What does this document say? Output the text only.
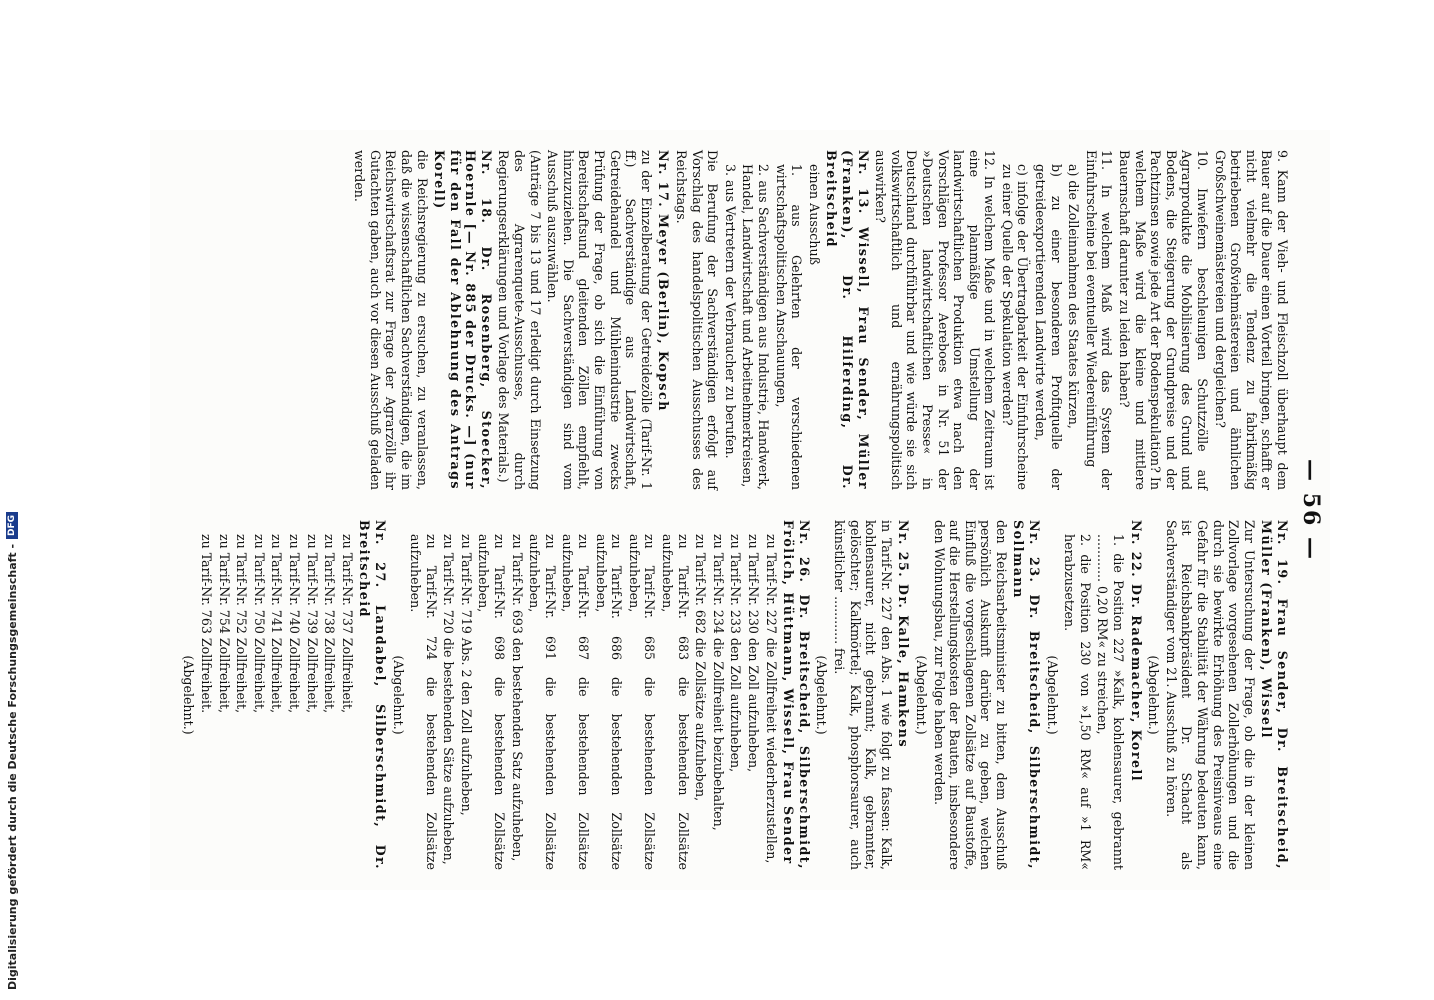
— 56 —

9. Kann der Vieh- und Fleischzoll überhaupt dem Bauer auf die Dauer einen Vorteil bringen, schafft er nicht vielmehr die Tendenz zu fabrikmäßig betriebenen Großviehmästereien und ähnlichen Großschweinemästereien und dergleichen?

10. Inwiefern beschleunigen Schutzzölle auf Agrarprodukte die Mobilisierung des Grund und Bodens, die Steigerung der Grundpreise und der Pachtzinsen sowie jede Art der Bodenspekulation? In welchem Maße wird die kleine und mittlere Bauernschaft darunter zu leiden haben?

11. In welchem Maß wird das System der Einfuhrscheine bei eventueller Wiedereinführung

a) die Zolleinnahmen des Staates kürzen,

b) zu einer besonderen Profitquelle der getreideexportierenden Landwirte werden,

c) infolge der Übertragbarkeit der Einfuhrscheine zu einer Quelle der Spekulation werden?

12. In welchem Maße und in welchem Zeitraum ist eine planmäßige Umstellung der landwirtschaftlichen Produktion etwa nach den Vorschlägen Professor Aereboes in Nr. 51 der »Deutschen landwirtschaftlichen Presse« in Deutschland durchführbar und wie würde sie sich volkswirtschaftlich und ernährungspolitisch auswirken?

Nr. 13. Wissell, Frau Sender, Müller (Franken), Dr. Hilferding, Dr. Breitscheid

einen Ausschuß

1. aus Gelehrten der verschiedenen wirtschaftspolitischen Anschauungen,

2. aus Sachverständigen aus Industrie, Handwerk, Handel, Landwirtschaft und Arbeitnehmerkreisen,

3. aus Vertretern der Verbraucher zu berufen.

Die Berufung der Sachverständigen erfolgt auf Vorschlag des handelspolitischen Ausschusses des Reichstags.

Nr. 17. Meyer (Berlin), Kopsch

zu der Einzelberatung der Getreidezölle (Tarif-Nr. 1 ff.) Sachverständige aus Landwirtschaft, Getreidehandel und Mühlenindustrie zwecks Prüfung der Frage, ob sich die Einführung von Bereitschaftsund gleitenden Zöllen empfiehlt, hinzuzuziehen. Die Sachverständigen sind vom Ausschuß auszuwählen.

(Anträge 7 bis 13 und 17 erledigt durch Einsetzung des Agrarenquete-Ausschusses, durch Regierungserklärungen und Vorlage des Materials.)

Nr. 18. Dr. Rosenberg, Stoecker, Hoernle [— Nr. 885 der Drucks. —] (nur für den Fall der Ablehnung des Antrags Korell)

die Reichsregierung zu ersuchen, zu veranlassen, daß die wissenschaftlichen Sachverständigen, die im Reichswirtschaftsrat zur Frage der Agrarzölle ihr Gutachten gaben, auch vor diesen Ausschuß geladen werden.

Nr. 19. Frau Sender, Dr. Breitscheid, Müller (Franken), Wissell

Zur Untersuchung der Frage, ob die in der kleinen Zollvorlage vorgesehenen Zollerhöhungen und die durch sie bewirkte Erhöhung des Preisniveaus eine Gefahr für die Stabilität der Währung bedeuten kann, ist Reichsbankpräsident Dr. Schacht als Sachverständiger vom 21. Ausschuß zu hören.

(Abgelehnt.)

Nr. 22. Dr. Rademacher, Korell

1. die Position 227 »Kalk, kohlensaurer, gebrannt ............ 0,20 RM« zu streichen,

2. die Position 230 von »1,50 RM« auf »1 RM« herabzusetzen.

(Abgelehnt.)

Nr. 23. Dr. Breitscheid, Silberschmidt, Sollmann

den Reichsarbeitsminister zu bitten, dem Ausschuß persönlich Auskunft darüber zu geben, welchen Einfluß die vorgeschlagenen Zollsätze auf Baustoffe, auf die Herstellungskosten der Bauten, insbesondere den Wohnungsbau, zur Folge haben werden.

(Abgelehnt.)

Nr. 25. Dr. Kalle, Hamkens

in Tarif-Nr. 227 den Abs. 1 wie folgt zu fassen: Kalk, kohlensaurer, nicht gebrannt; Kalk, gebrannter, gelöschter; Kalkmörtel; Kalk, phosphorsaurer, auch künstlicher ............ frei.

(Abgelehnt.)

Nr. 26. Dr. Breitscheid, Silberschmidt, Frölich, Hüttmann, Wissell, Frau Sender

zu Tarif-Nr. 227 die Zollfreiheit wiederherzustellen,

zu Tarif-Nr. 230 den Zoll aufzuheben,

zu Tarif-Nr. 233 den Zoll aufzuheben,

zu Tarif-Nr. 234 die Zollfreiheit beizubehalten,

zu Tarif-Nr. 682 die Zollsätze aufzuheben,

zu Tarif-Nr. 683 die bestehenden Zollsätze aufzuheben,

zu Tarif-Nr. 685 die bestehenden Zollsätze aufzuheben,

zu Tarif-Nr. 686 die bestehenden Zollsätze aufzuheben,

zu Tarif-Nr. 687 die bestehenden Zollsätze aufzuheben,

zu Tarif-Nr. 691 die bestehenden Zollsätze aufzuheben,

zu Tarif-Nr. 693 den bestehenden Satz aufzuheben,

zu Tarif-Nr. 698 die bestehenden Zollsätze aufzuheben,

zu Tarif-Nr. 719 Abs. 2 den Zoll aufzuheben,

zu Tarif-Nr. 720 die bestehenden Sätze aufzuheben,

zu Tarif-Nr. 724 die bestehenden Zollsätze aufzuheben.

(Abgelehnt.)

Nr. 27. Landabel, Silberschmidt, Dr. Breitscheid

zu Tarif-Nr. 737 Zollfreiheit,

zu Tarif-Nr. 738 Zollfreiheit,

zu Tarif-Nr. 739 Zollfreiheit,

zu Tarif-Nr. 740 Zollfreiheit,

zu Tarif-Nr. 741 Zollfreiheit,

zu Tarif-Nr. 750 Zollfreiheit,

zu Tarif-Nr. 752 Zollfreiheit,

zu Tarif-Nr. 754 Zollfreiheit,

zu Tarif-Nr. 763 Zollfreiheit.

(Abgelehnt.)

Digitalisierung gefördert durch die Deutsche Forschungsgemeinschaft -
DFG
